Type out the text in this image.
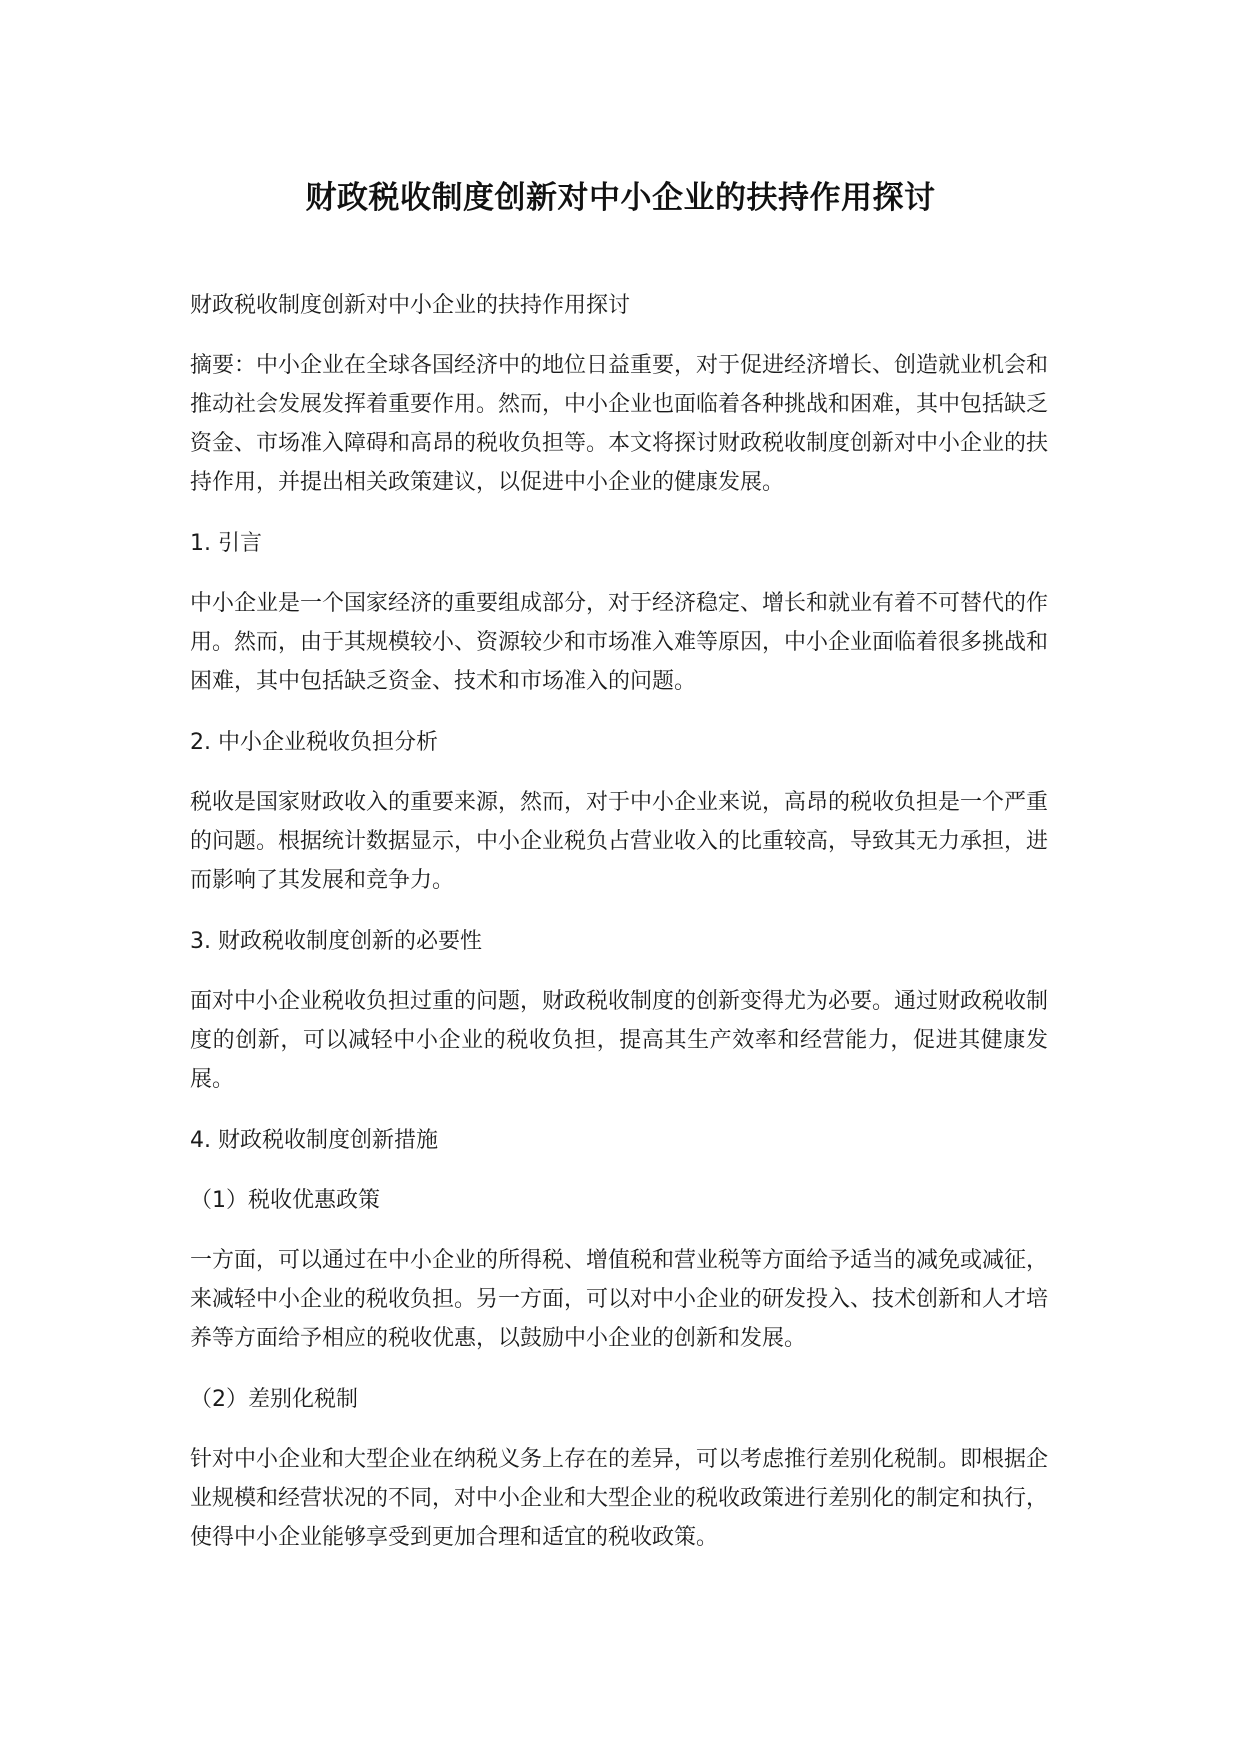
财政税收制度创新对中小企业的扶持作用探讨

财政税收制度创新对中小企业的扶持作用探讨

摘要：中小企业在全球各国经济中的地位日益重要，对于促进经济增长、创造就业机会和推动社会发展发挥着重要作用。然而，中小企业也面临着各种挑战和困难，其中包括缺乏资金、市场准入障碍和高昂的税收负担等。本文将探讨财政税收制度创新对中小企业的扶持作用，并提出相关政策建议，以促进中小企业的健康发展。

1. 引言

中小企业是一个国家经济的重要组成部分，对于经济稳定、增长和就业有着不可替代的作用。然而，由于其规模较小、资源较少和市场准入难等原因，中小企业面临着很多挑战和困难，其中包括缺乏资金、技术和市场准入的问题。

2. 中小企业税收负担分析

税收是国家财政收入的重要来源，然而，对于中小企业来说，高昂的税收负担是一个严重的问题。根据统计数据显示，中小企业税负占营业收入的比重较高，导致其无力承担，进而影响了其发展和竞争力。

3. 财政税收制度创新的必要性

面对中小企业税收负担过重的问题，财政税收制度的创新变得尤为必要。通过财政税收制度的创新，可以减轻中小企业的税收负担，提高其生产效率和经营能力，促进其健康发展。

4. 财政税收制度创新措施

（1）税收优惠政策

一方面，可以通过在中小企业的所得税、增值税和营业税等方面给予适当的减免或减征，来减轻中小企业的税收负担。另一方面，可以对中小企业的研发投入、技术创新和人才培养等方面给予相应的税收优惠，以鼓励中小企业的创新和发展。

（2）差别化税制

针对中小企业和大型企业在纳税义务上存在的差异，可以考虑推行差别化税制。即根据企业规模和经营状况的不同，对中小企业和大型企业的税收政策进行差别化的制定和执行，使得中小企业能够享受到更加合理和适宜的税收政策。
